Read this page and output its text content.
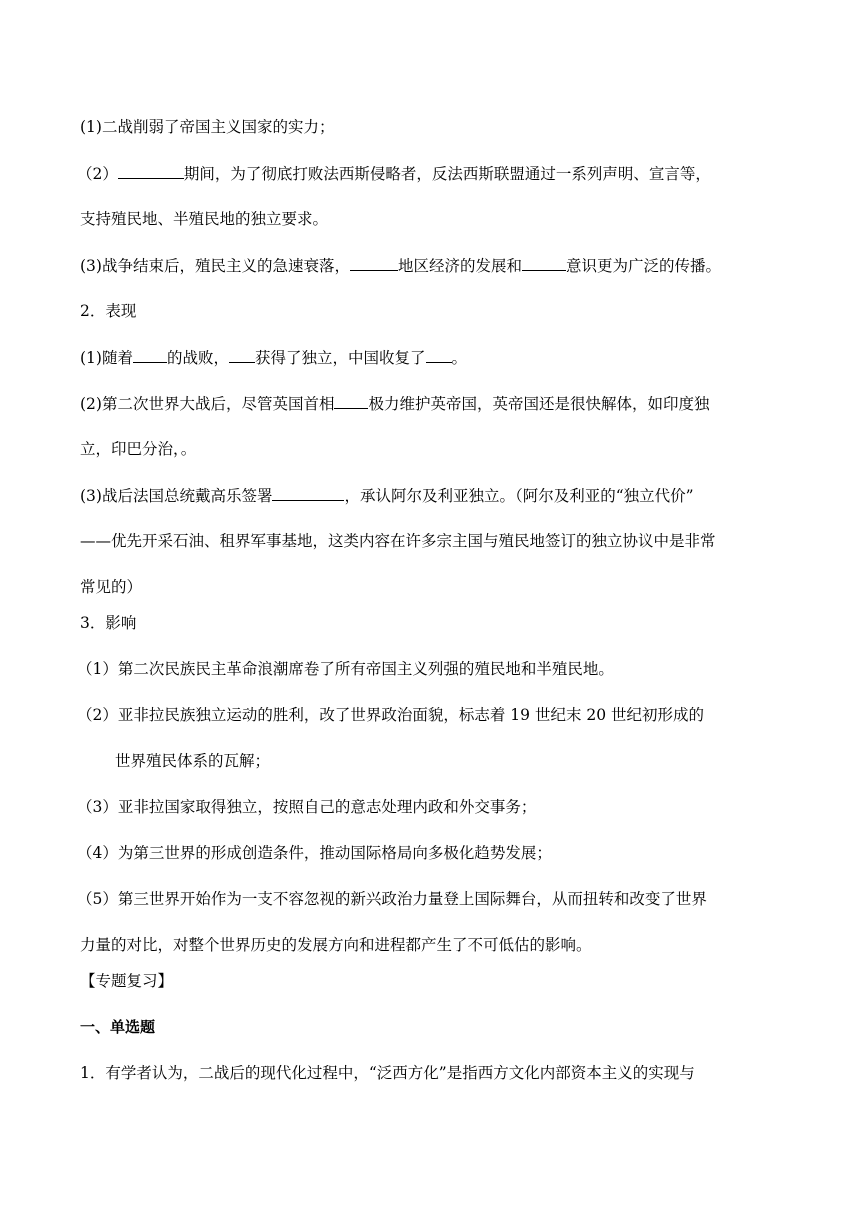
(1)二战削弱了帝国主义国家的实力；
（2）	期间，为了彻底打败法西斯侵略者，反法西斯联盟通过一系列声明、宣言等，
支持殖民地、半殖民地的独立要求。
(3)战争结束后，殖民主义的急速衰落，	地区经济的发展和	意识更为广泛的传播。
2．表现
(1)随着 的战败， 获得了独立，中国收复了 。
(2)第二次世界大战后，尽管英国首相 极力维护英帝国，英帝国还是很快解体，如印度独
立，印巴分治，。
(3)战后法国总统戴高乐签署	，承认阿尔及利亚独立。（阿尔及利亚的“独立代价”
——优先开采石油、租界军事基地，这类内容在许多宗主国与殖民地签订的独立协议中是非常
常见的）
3．影响
（1）第二次民族民主革命浪潮席卷了所有帝国主义列强的殖民地和半殖民地。
（2）亚非拉民族独立运动的胜利，改了世界政治面貌，标志着 19 世纪末 20 世纪初形成的
世界殖民体系的瓦解；
（3）亚非拉国家取得独立，按照自己的意志处理内政和外交事务；
（4）为第三世界的形成创造条件，推动国际格局向多极化趋势发展；
（5）第三世界开始作为一支不容忽视的新兴政治力量登上国际舞台，从而扭转和改变了世界
力量的对比，对整个世界历史的发展方向和进程都产生了不可低估的影响。
【专题复习】
一、单选题
1．有学者认为，二战后的现代化过程中，“泛西方化”是指西方文化内部资本主义的实现与
